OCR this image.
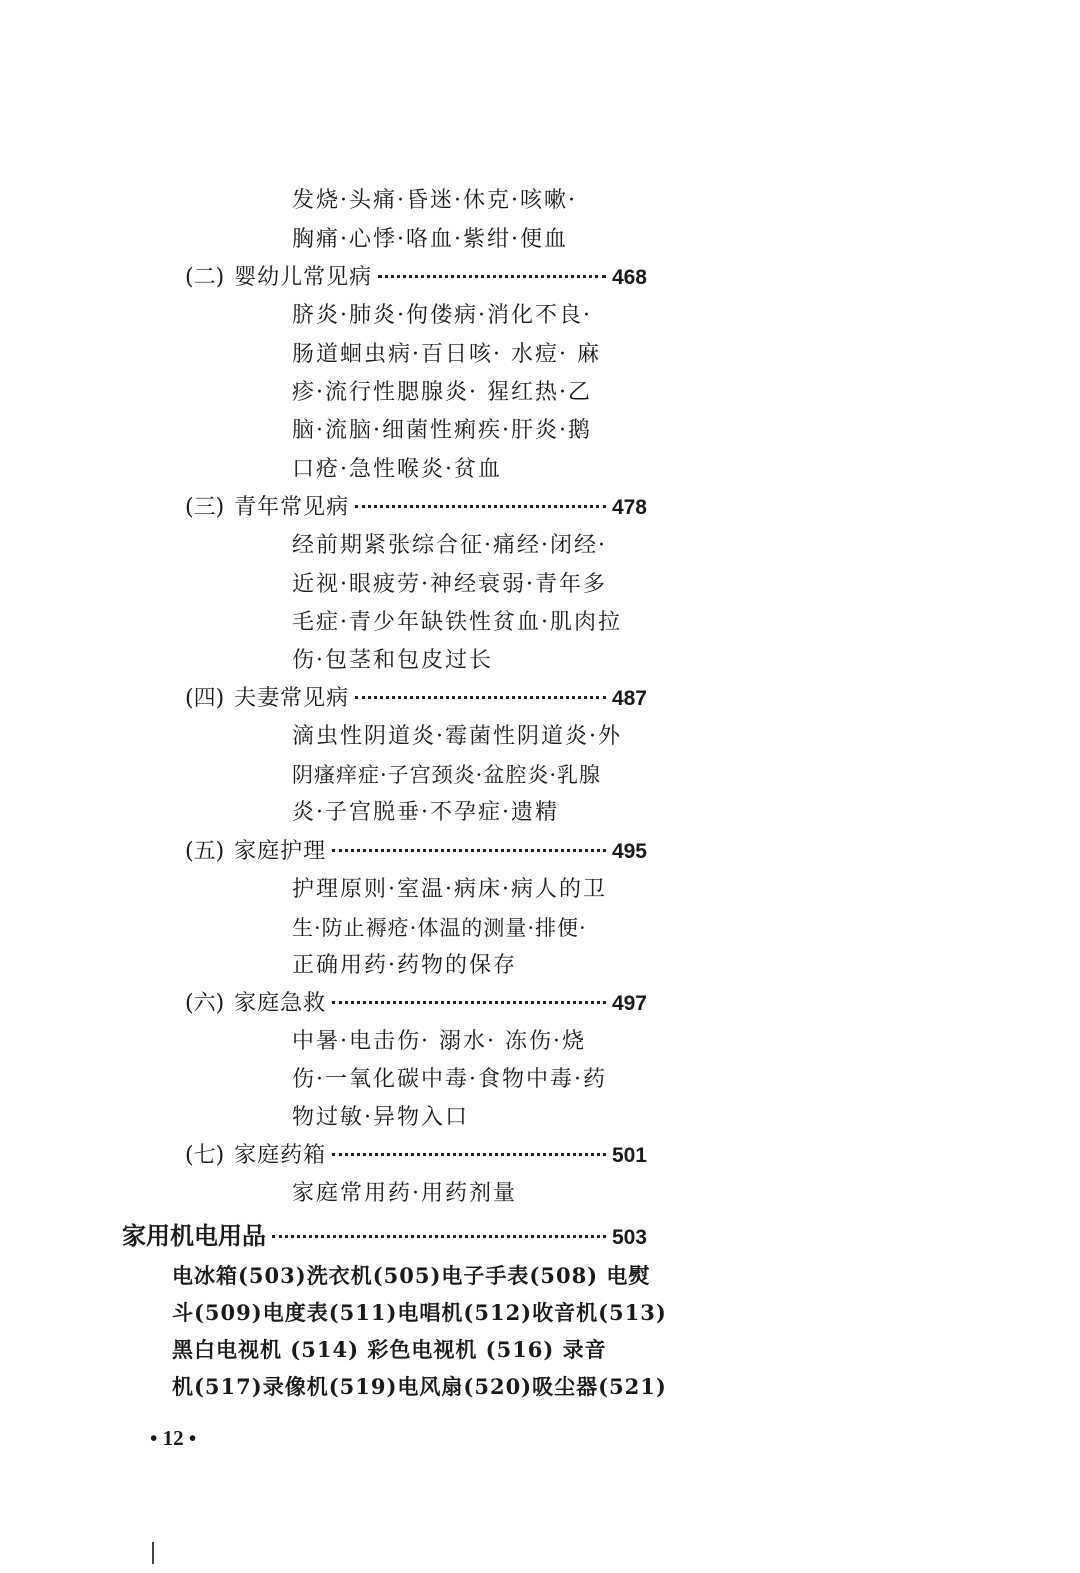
发烧·头痛·昏迷·休克·咳嗽·
胸痛·心悸·咯血·紫绀·便血
(二) 婴幼儿常见病	468
脐炎·肺炎·佝偻病·消化不良·
肠道蛔虫病·百日咳· 水痘· 麻
疹·流行性腮腺炎· 猩红热·乙
脑·流脑·细菌性痢疾·肝炎·鹅
口疮·急性喉炎·贫血
(三) 青年常见病	478
经前期紧张综合征·痛经·闭经·
近视·眼疲劳·神经衰弱·青年多
毛症·青少年缺铁性贫血·肌肉拉
伤·包茎和包皮过长
(四) 夫妻常见病	487
滴虫性阴道炎·霉菌性阴道炎·外
阴瘙痒症·子宫颈炎·盆腔炎·乳腺
炎·子宫脱垂·不孕症·遗精
(五) 家庭护理	495
护理原则·室温·病床·病人的卫
生·防止褥疮·体温的测量·排便·
正确用药·药物的保存
(六) 家庭急救	497
中暑·电击伤· 溺水· 冻伤·烧
伤·一氧化碳中毒·食物中毒·药
物过敏·异物入口
(七) 家庭药箱	501
家庭常用药·用药剂量
家用机电用品	503
电冰箱(503)洗衣机(505)电子手表(508) 电熨
斗(509)电度表(511)电唱机(512)收音机(513)
黑白电视机 (514) 彩色电视机 (516) 录音
机(517)录像机(519)电风扇(520)吸尘器(521)
• 12 •
